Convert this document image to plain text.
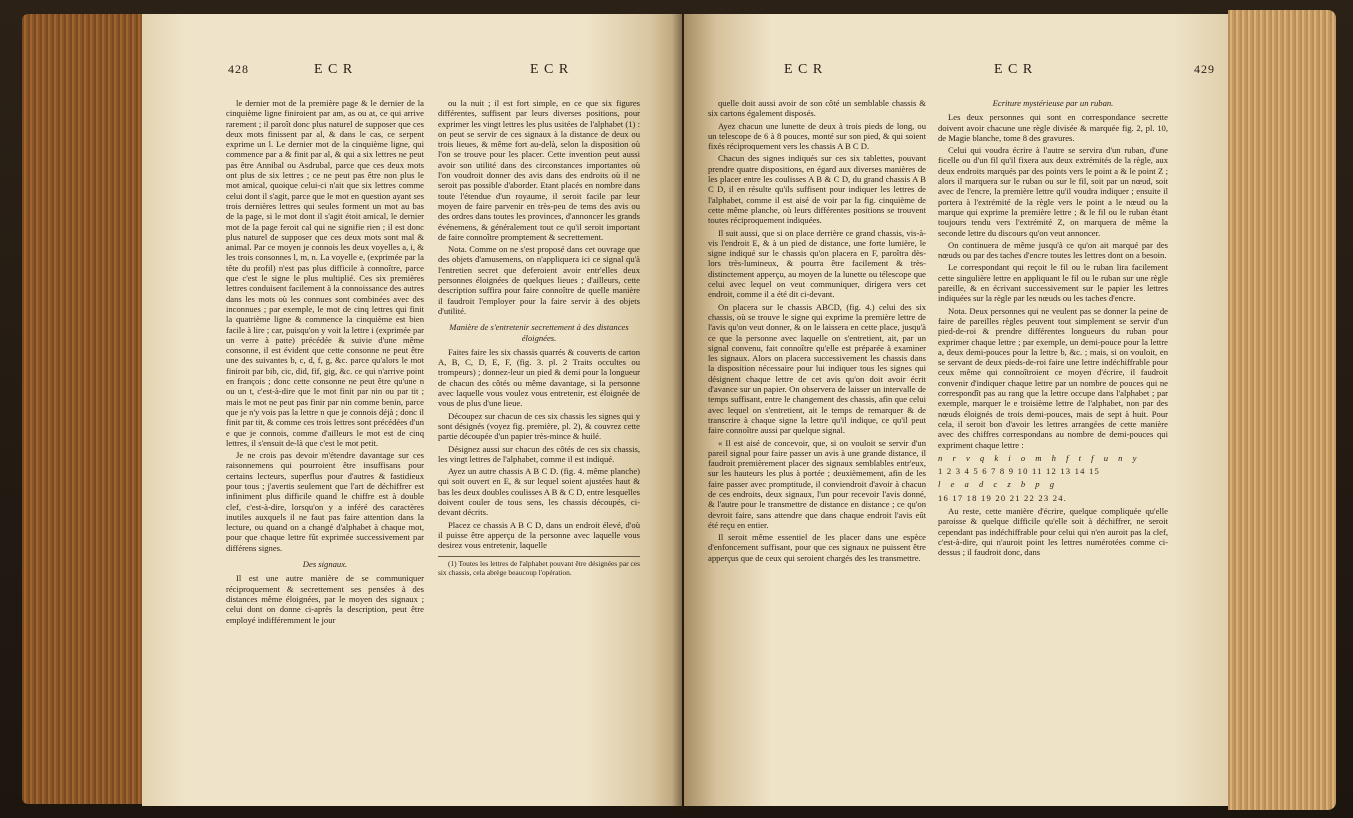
428	E C R	E C R

le dernier mot de la première page & le dernier de la cinquième ligne finiroient par am, as ou at, ce qui arrive rarement ; il paroît donc plus naturel de supposer que ces deux mots finissent par al, & dans le cas, ce serpent exprime un l. Le dernier mot de la cinquième ligne, qui commence par a & finit par al, & qui a six lettres ne peut pas être Annibal ou Asdrubal, parce que ces deux mots ont plus de six lettres ; ce ne peut pas être non plus le mot amical, quoique celui-ci n'ait que six lettres comme celui dont il s'agit, parce que le mot en question ayant ses trois dernières lettres qui seules forment un mot au bas de la page, si le mot dont il s'agit étoit amical, le dernier mot de la page feroit cal qui ne signifie rien ; il est donc plus naturel de supposer que ces deux mots sont mal & animal. Par ce moyen je connois les deux voyelles a, i, & les trois consonnes l, m, n. La voyelle e, (exprimée par la tête du profil) n'est pas plus difficile à connoître, parce que c'est le signe le plus multiplié. Ces six premières lettres conduisent facilement à la connoissance des autres dans les mots où les connues sont combinées avec des inconnues ; par exemple, le mot de cinq lettres qui finit la quatrième ligne & commence la cinquième est bien facile à lire ; car, puisqu'on y voit la lettre i (exprimée par un verre à patte) précédée & suivie d'une même consonne, il est évident que cette consonne ne peut être une des suivantes b, c, d, f, g, &c. parce qu'alors le mot finiroit par bib, cic, did, fif, gig, &c. ce qui n'arrive point en françois ; donc cette consonne ne peut être qu'une n ou un t, c'est-à-dire que le mot finit par nin ou par tit ; mais le mot ne peut pas finir par nin comme benin, parce que je n'y vois pas la lettre n que je connois déjà ; donc il finit par tit, & comme ces trois lettres sont précédées d'un e que je connois, comme d'ailleurs le mot est de cinq lettres, il s'ensuit de-là que c'est le mot petit.

Je ne crois pas devoir m'étendre davantage sur ces raisonnemens qui pourroient être insuffisans pour certains lecteurs, superflus pour d'autres & fastidieux pour tous ; j'avertis seulement que l'art de déchiffrer est infiniment plus difficile quand le chiffre est à double clef, c'est-à-dire, lorsqu'on y a inféré des caractères inutiles auxquels il ne faut pas faire attention dans la lecture, ou quand on a changé d'alphabet à chaque mot, pour que chaque lettre fût exprimée successivement par différens signes.

Des signaux.

Il est une autre manière de se communiquer réciproquement & secrettement ses pensées à des distances même éloignées, par le moyen des signaux ; celui dont on donne ci-après la description, peut être employé indifféremment le jour

ou la nuit ; il est fort simple, en ce que six figures différentes, suffisent par leurs diverses positions, pour exprimer les vingt lettres les plus usitées de l'alphabet (1) : on peut se servir de ces signaux à la distance de deux ou trois lieues, & même fort au-delà, selon la disposition où l'on se trouve pour les placer. Cette invention peut aussi avoir son utilité dans des circonstances importantes où l'on voudroit donner des avis dans des endroits où il ne seroit pas possible d'aborder. Etant placés en nombre dans toute l'étendue d'un royaume, il seroit facile par leur moyen de faire parvenir en très-peu de tems des avis ou des ordres dans toutes les provinces, d'annoncer les grands événemens, & généralement tout ce qu'il seroit important de faire connoître promptement & secrettement.

Nota. Comme on ne s'est proposé dans cet ouvrage que des objets d'amusemens, on n'appliquera ici ce signal qu'à l'entretien secret que deferoient avoir entr'elles deux personnes éloignées de quelques lieues ; d'ailleurs, cette description suffira pour faire connoître de quelle manière il faudroit l'employer pour la faire servir à des objets d'utilité.

Manière de s'entretenir secrettement à des distances éloignées.

Faites faire les six chassis quarrés & couverts de carton A, B, C, D, E, F, (fig. 3. pl. 2 Traits occultes ou trompeurs) ; donnez-leur un pied & demi pour la longueur de chacun des côtés ou même davantage, si la personne avec laquelle vous voulez vous entretenir, est éloignée de vous de plus d'une lieue.

Découpez sur chacun de ces six chassis les signes qui y sont désignés (voyez fig. première, pl. 2), & couvrez cette partie découpée d'un papier très-mince & huilé.

Désignez aussi sur chacun des côtés de ces six chassis, les vingt lettres de l'alphabet, comme il est indiqué.

Ayez un autre chassis A B C D. (fig. 4. même planche) qui soit ouvert en E, & sur lequel soient ajustées haut & bas les deux doubles coulisses A B & C D, entre lesquelles doivent couler de tous sens, les chassis découpés, ci-devant décrits.

Placez ce chassis A B C D, dans un endroit élevé, d'où il puisse être apperçu de la personne avec laquelle vous desirez vous entretenir, laquelle

(1) Toutes les lettres de l'alphabet pouvant être désignées par ces six chassis, cela abrège beaucoup l'opération.

E C R	E C R	429

quelle doit aussi avoir de son côté un semblable chassis & six cartons également disposés.

Ayez chacun une lunette de deux à trois pieds de long, ou un telescope de 6 à 8 pouces, monté sur son pied, & qui soient fixés réciproquement vers les chassis A B C D.

Chacun des signes indiqués sur ces six tablettes, pouvant prendre quatre dispositions, en égard aux diverses manières de les placer entre les coulisses A B & C D, du grand chassis A B C D, il en résulte qu'ils suffisent pour indiquer les lettres de l'alphabet, comme il est aisé de voir par la fig. cinquième de cette même planche, où leurs différentes positions se trouvent toutes réciproquement indiquées.

Il suit aussi, que si on place derrière ce grand chassis, vis-à-vis l'endroit E, & à un pied de distance, une forte lumière, le signe indiqué sur le chassis qu'on placera en F, paroîtra dès-lors très-lumineux, & pourra être facilement & très-distinctement apperçu, au moyen de la lunette ou télescope que celui avec lequel on veut communiquer, dirigera vers cet endroit, comme il a été dit ci-devant.

On placera sur le chassis ABCD, (fig. 4.) celui des six chassis, où se trouve le signe qui exprime la première lettre de l'avis qu'on veut donner, & on le laissera en cette place, jusqu'à ce que la personne avec laquelle on s'entretient, ait, par un signal convenu, fait connoître qu'elle est préparée à examiner les signaux. Alors on placera successivement les chassis dans la disposition nécessaire pour lui indiquer tous les signes qui désignent chaque lettre de cet avis qu'on doit avoir écrit d'avance sur un papier. On observera de laisser un intervalle de temps suffisant, entre le changement des chassis, afin que celui avec lequel on s'entretient, ait le temps de remarquer & de transcrire à chaque signe la lettre qu'il indique, ce qu'il peut faire connoître aussi par quelque signal.

« Il est aisé de concevoir, que, si on vouloit se servir d'un pareil signal pour faire passer un avis à une grande distance, il faudroit premièrement placer des signaux semblables entr'eux, sur les hauteurs les plus à portée ; deuxièmement, afin de les faire passer avec promptitude, il conviendroit d'avoir à chacun de ces endroits, deux signaux, l'un pour recevoir l'avis donné, & l'autre pour le transmettre de distance en distance ; ce qu'on devroit faire, sans attendre que dans chaque endroit l'avis eût été reçu en entier.

Il seroit même essentiel de les placer dans une espèce d'enfoncement suffisant, pour que ces signaux ne puissent être apperçus que de ceux qui seroient chargés des les transmettre.

Ecriture mystérieuse par un ruban.

Les deux personnes qui sont en correspondance secrette doivent avoir chacune une règle divisée & marquée fig. 2, pl. 10, de Magie blanche, tome 8 des gravures.

Celui qui voudra écrire à l'autre se servira d'un ruban, d'une ficelle ou d'un fil qu'il fixera aux deux extrémités de la règle, aux deux endroits marqués par des points vers le point a & le point Z ; alors il marquera sur le ruban ou sur le fil, soit par un nœud, soit avec de l'encre, la première lettre qu'il voudra indiquer ; ensuite il portera à l'extrémité de la règle vers le point a le nœud ou la marque qui exprime la première lettre ; & le fil ou le ruban étant toujours tendu vers l'extrémité Z, on marquera de même la seconde lettre du discours qu'on veut annoncer.

On continuera de même jusqu'à ce qu'on ait marqué par des nœuds ou par des taches d'encre toutes les lettres dont on a besoin.

Le correspondant qui reçoit le fil ou le ruban lira facilement cette singulière lettre en appliquant le fil ou le ruban sur une règle pareille, & en écrivant successivement sur le papier les lettres indiquées sur la règle par les nœuds ou les taches d'encre.

Nota. Deux personnes qui ne veulent pas se donner la peine de faire de pareilles règles peuvent tout simplement se servir d'un pied-de-roi & prendre différentes longueurs du ruban pour exprimer chaque lettre ; par exemple, un demi-pouce pour la lettre a, deux demi-pouces pour la lettre b, &c. ; mais, si on vouloit, en se servant de deux pieds-de-roi faire une lettre indéchiffrable pour ceux même qui connoîtroient ce moyen d'écrire, il faudroit convenir d'indiquer chaque lettre par un nombre de pouces qui ne correspondît pas au rang que la lettre occupe dans l'alphabet ; par exemple, marquer le e troisième lettre de l'alphabet, non par des nœuds éloignés de trois demi-pouces, mais de sept à huit. Pour cela, il seroit bon d'avoir les lettres arrangées de cette manière avec des chiffres correspondans au nombre de demi-pouces qui expriment chaque lettre :

n r v q k i o m h f t f u n y

1 2 3 4 5 6 7 8 9 10 11 12 13 14 15

l e a d c z b p g

16 17 18 19 20 21 22 23 24.

Au reste, cette manière d'écrire, quelque compliquée qu'elle paroisse & quelque difficile qu'elle soit à déchiffrer, ne seroit cependant pas indéchiffrable pour celui qui n'en auroit pas la clef, c'est-à-dire, qui n'auroit point les lettres numérotées comme ci-dessus ; il faudroit donc, dans
